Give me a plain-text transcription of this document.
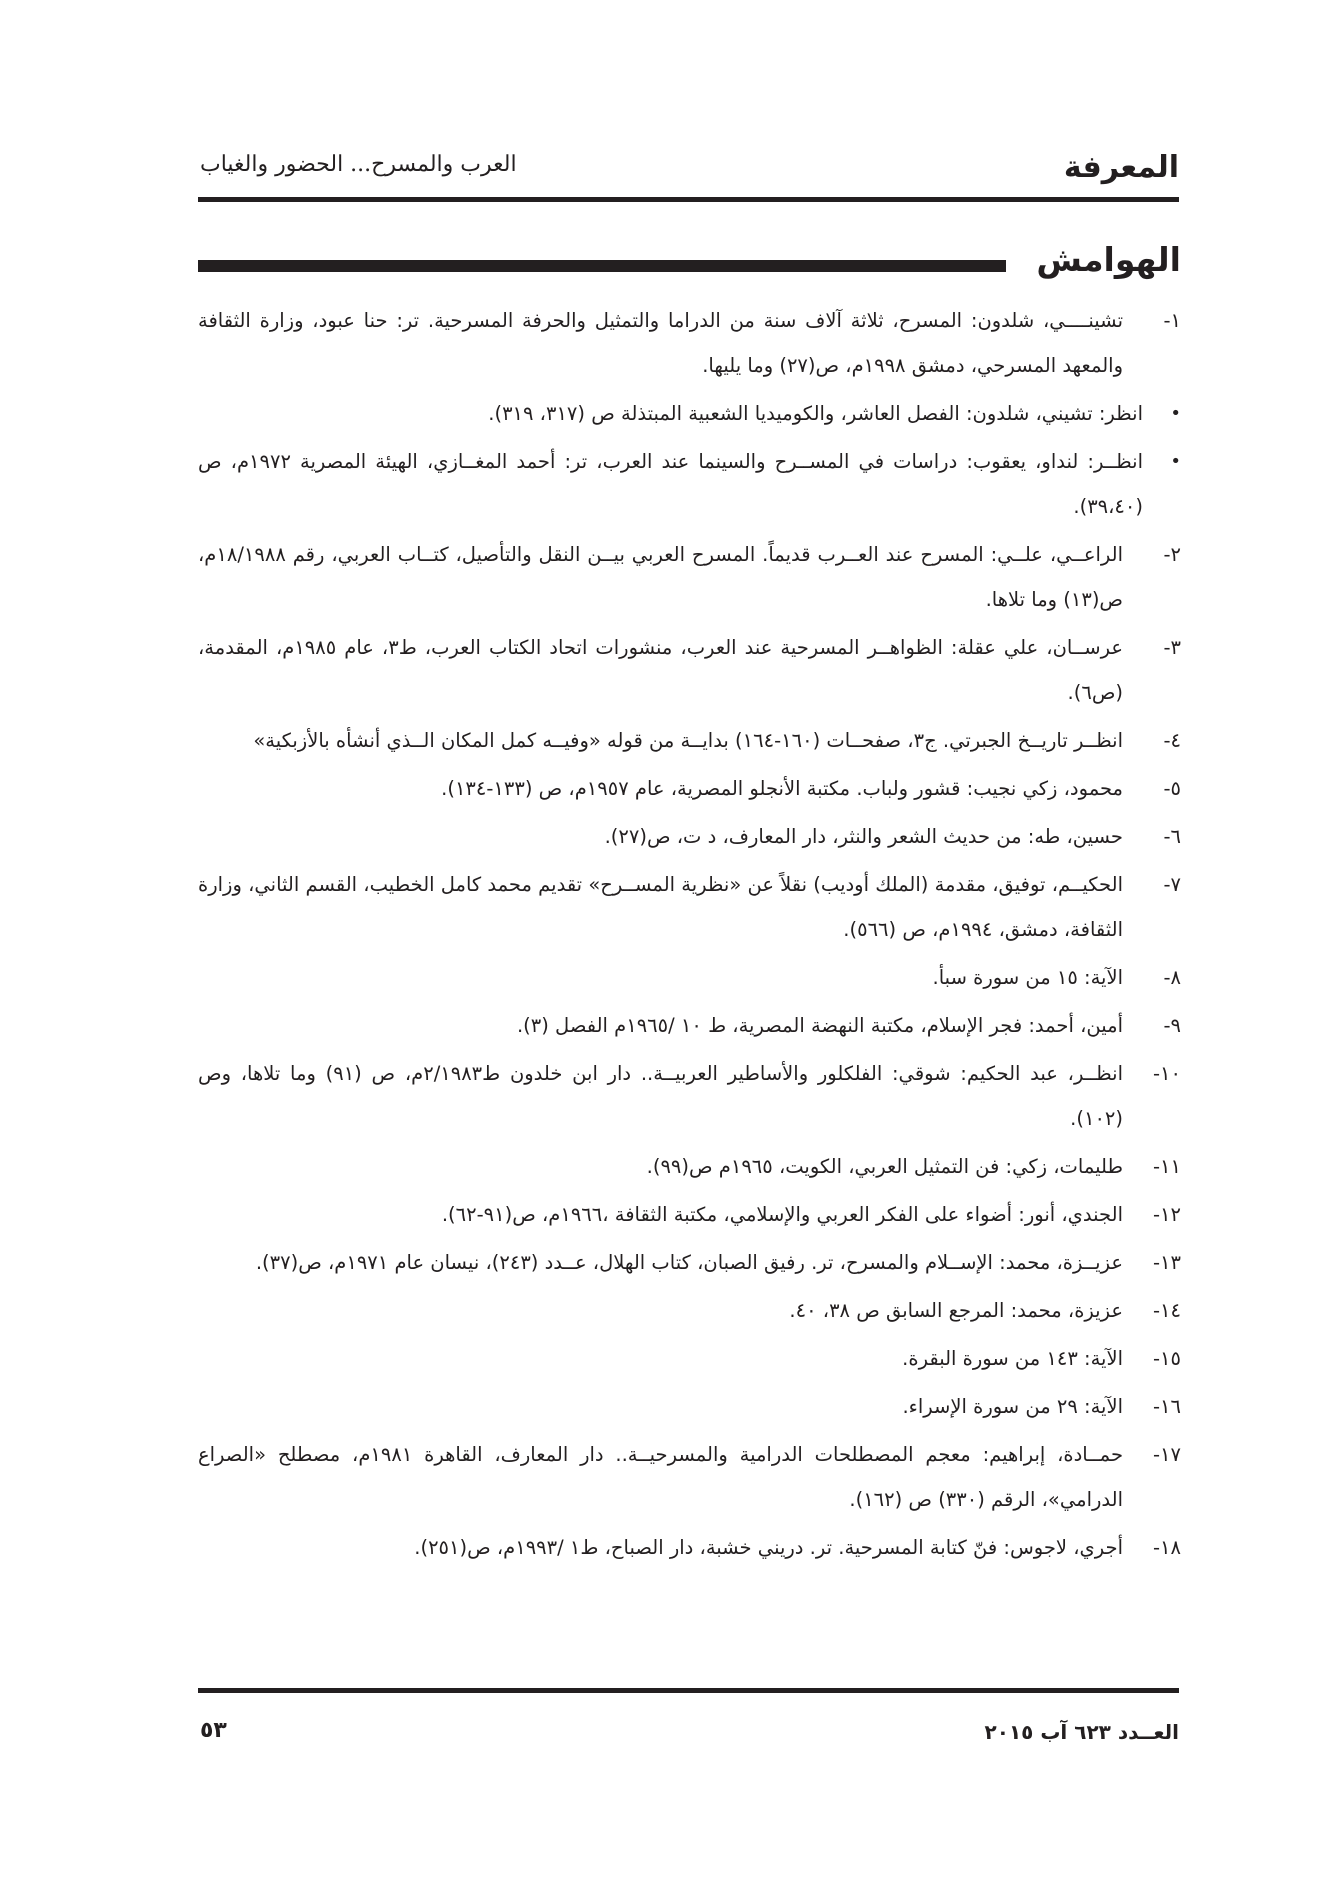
المعرفة
العرب والمسرح... الحضور والغياب
الهوامش
١-
تشينــــي، شلدون: المسرح، ثلاثة آلاف سنة من الدراما والتمثيل والحرفة المسرحية. تر: حنا عبود، وزارة الثقافة والمعهد المسرحي، دمشق ١٩٩٨م، ص(٢٧) وما يليها.
•
انظر: تشيني، شلدون: الفصل العاشر، والكوميديا الشعبية المبتذلة ص (٣١٧، ٣١٩).
•
انظــر: لنداو، يعقوب: دراسات في المســرح والسينما عند العرب، تر: أحمد المغــازي، الهيئة المصرية ١٩٧٢م، ص (٣٩،٤٠).
٢-
الراعــي، علــي: المسرح عند العــرب قديماً. المسرح العربي بيــن النقل والتأصيل، كتــاب العربي، رقم ١٨/١٩٨٨م، ص(١٣) وما تلاها.
٣-
عرســان، علي عقلة: الظواهــر المسرحية عند العرب، منشورات اتحاد الكتاب العرب، ط٣، عام ١٩٨٥م، المقدمة، (ص٦).
٤-
انظــر تاريــخ الجبرتي. ج٣، صفحــات (١٦٠-١٦٤) بدايــة من قوله «وفيــه كمل المكان الــذي أنشأه بالأزبكية»
٥-
محمود، زكي نجيب: قشور ولباب. مكتبة الأنجلو المصرية، عام ١٩٥٧م، ص (١٣٣-١٣٤).
٦-
حسين، طه: من حديث الشعر والنثر، دار المعارف، د ت، ص(٢٧).
٧-
الحكيــم، توفيق، مقدمة (الملك أوديب) نقلاً عن «نظرية المســرح» تقديم محمد كامل الخطيب، القسم الثاني، وزارة الثقافة، دمشق، ١٩٩٤م، ص (٥٦٦).
٨-
الآية: ١٥ من سورة سبأ.
٩-
أمين، أحمد: فجر الإسلام، مكتبة النهضة المصرية، ط ١٠ /١٩٦٥م الفصل (٣).
١٠-
انظــر، عبد الحكيم: شوقي: الفلكلور والأساطير العربيــة.. دار ابن خلدون ط٢/١٩٨٣م، ص (٩١) وما تلاها، وص (١٠٢).
١١-
طليمات، زكي: فن التمثيل العربي، الكويت، ١٩٦٥م ص(٩٩).
١٢-
الجندي، أنور: أضواء على الفكر العربي والإسلامي، مكتبة الثقافة ،١٩٦٦م، ص(٩١-٦٢).
١٣-
عزيــزة، محمد: الإســلام والمسرح، تر. رفيق الصبان، كتاب الهلال، عــدد (٢٤٣)، نيسان عام ١٩٧١م، ص(٣٧).
١٤-
عزيزة، محمد: المرجع السابق ص ٣٨، ٤٠.
١٥-
الآية: ١٤٣ من سورة البقرة.
١٦-
الآية: ٢٩ من سورة الإسراء.
١٧-
حمــادة، إبراهيم: معجم المصطلحات الدرامية والمسرحيــة.. دار المعارف، القاهرة ١٩٨١م، مصطلح «الصراع الدرامي»، الرقم (٣٣٠) ص (١٦٢).
١٨-
أجري، لاجوس: فنّ كتابة المسرحية. تر. دريني خشبة، دار الصباح، ط١ /١٩٩٣م، ص(٢٥١).
العــدد ٦٢٣ آب ٢٠١٥
٥٣
